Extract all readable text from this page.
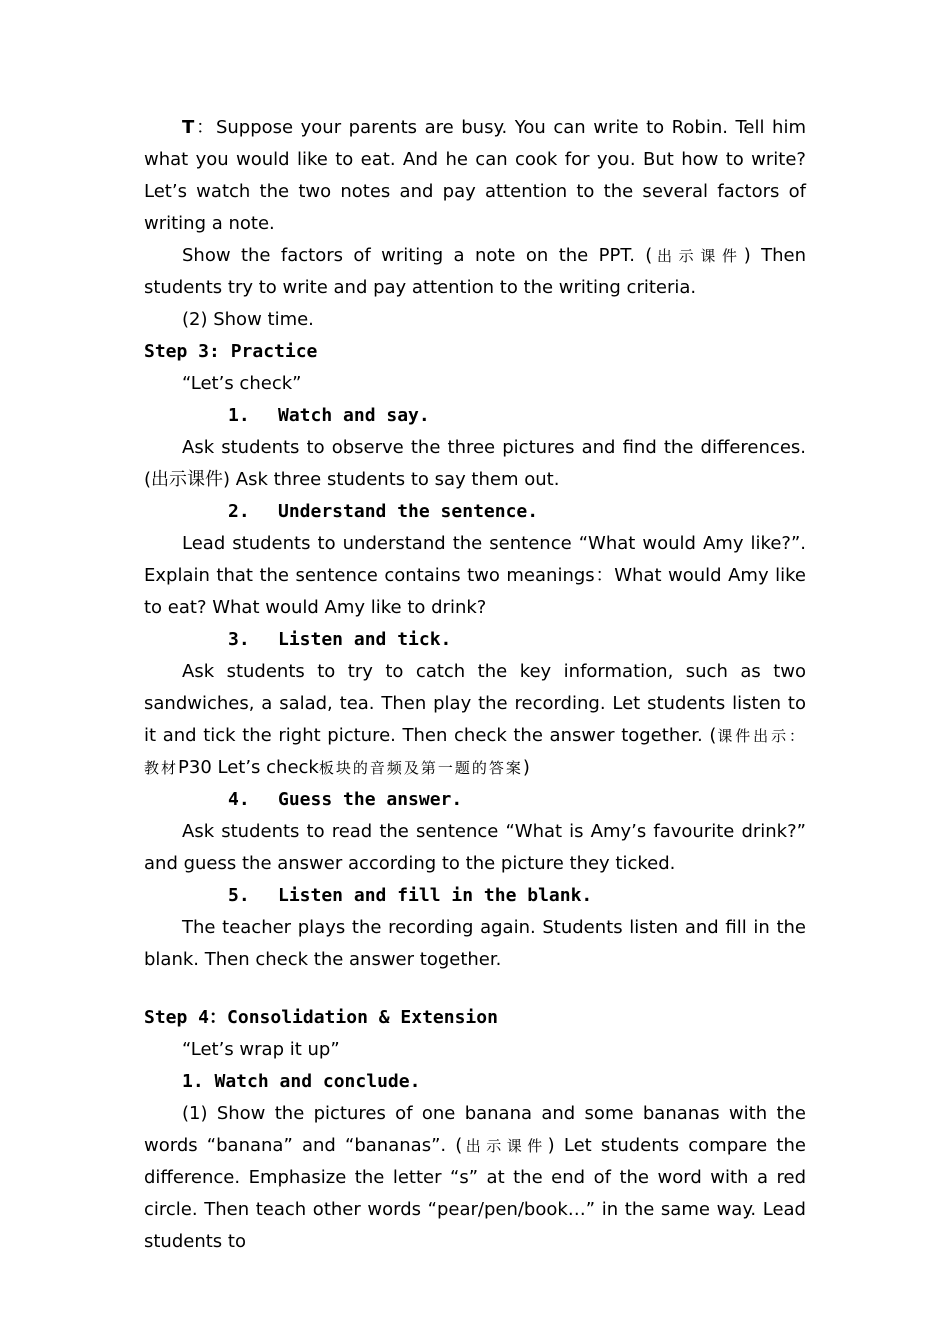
T：Suppose your parents are busy. You can write to Robin. Tell him what you would like to eat. And he can cook for you. But how to write? Let’s watch the two notes and pay attention to the several factors of writing a note.

Show the factors of writing a note on the PPT. (出示课件) Then students try to write and pay attention to the writing criteria.

(2) Show time.

Step 3: Practice

“Let’s check”

1. Watch and say.

Ask students to observe the three pictures and find the differences. (出示课件) Ask three students to say them out.

2. Understand the sentence.

Lead students to understand the sentence “What would Amy like?”. Explain that the sentence contains two meanings：What would Amy like to eat? What would Amy like to drink?

3. Listen and tick.

Ask students to try to catch the key information, such as two sandwiches, a salad, tea. Then play the recording. Let students listen to it and tick the right picture. Then check the answer together. (课件出示：教材P30 Let’s check板块的音频及第一题的答案)

4. Guess the answer.

Ask students to read the sentence “What is Amy’s favourite drink?” and guess the answer according to the picture they ticked.

5. Listen and fill in the blank.

The teacher plays the recording again. Students listen and fill in the blank. Then check the answer together.

Step 4：Consolidation & Extension

“Let’s wrap it up”

1. Watch and conclude.

(1) Show the pictures of one banana and some bananas with the words “banana” and “bananas”. (出示课件) Let students compare the difference. Emphasize the letter “s” at the end of the word with a red circle. Then teach other words “pear/pen/book…” in the same way. Lead students to
